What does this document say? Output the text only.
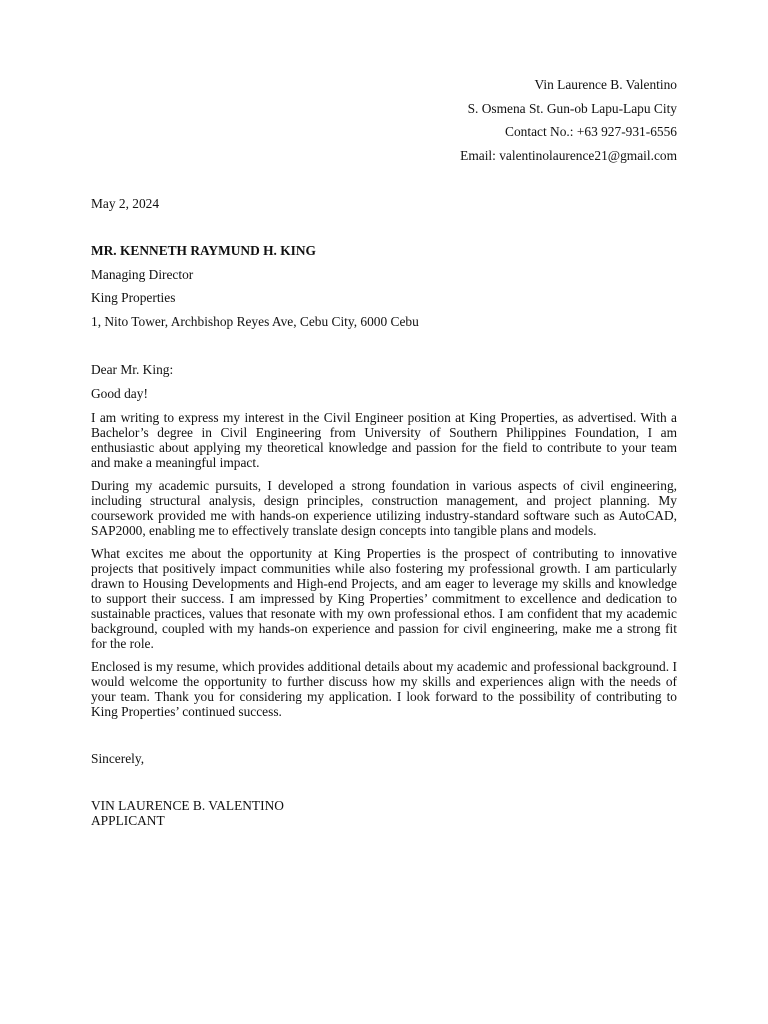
Vin Laurence B. Valentino
S. Osmena St. Gun-ob Lapu-Lapu City
Contact No.: +63 927-931-6556
Email: valentinolaurence21@gmail.com
May 2, 2024
MR. KENNETH RAYMUND H. KING
Managing Director
King Properties
1, Nito Tower, Archbishop Reyes Ave, Cebu City, 6000 Cebu
Dear Mr. King:
Good day!

I am writing to express my interest in the Civil Engineer position at King Properties, as advertised. With a Bachelor’s degree in Civil Engineering from University of Southern Philippines Foundation, I am enthusiastic about applying my theoretical knowledge and passion for the field to contribute to your team and make a meaningful impact.

During my academic pursuits, I developed a strong foundation in various aspects of civil engineering, including structural analysis, design principles, construction management, and project planning. My coursework provided me with hands-on experience utilizing industry-standard software such as AutoCAD, SAP2000, enabling me to effectively translate design concepts into tangible plans and models.

What excites me about the opportunity at King Properties is the prospect of contributing to innovative projects that positively impact communities while also fostering my professional growth. I am particularly drawn to Housing Developments and High-end Projects, and am eager to leverage my skills and knowledge to support their success. I am impressed by King Properties’ commitment to excellence and dedication to sustainable practices, values that resonate with my own professional ethos. I am confident that my academic background, coupled with my hands-on experience and passion for civil engineering, make me a strong fit for the role.

Enclosed is my resume, which provides additional details about my academic and professional background. I would welcome the opportunity to further discuss how my skills and experiences align with the needs of your team. Thank you for considering my application. I look forward to the possibility of contributing to King Properties’ continued success.

Sincerely,
VIN LAURENCE B. VALENTINO
APPLICANT
